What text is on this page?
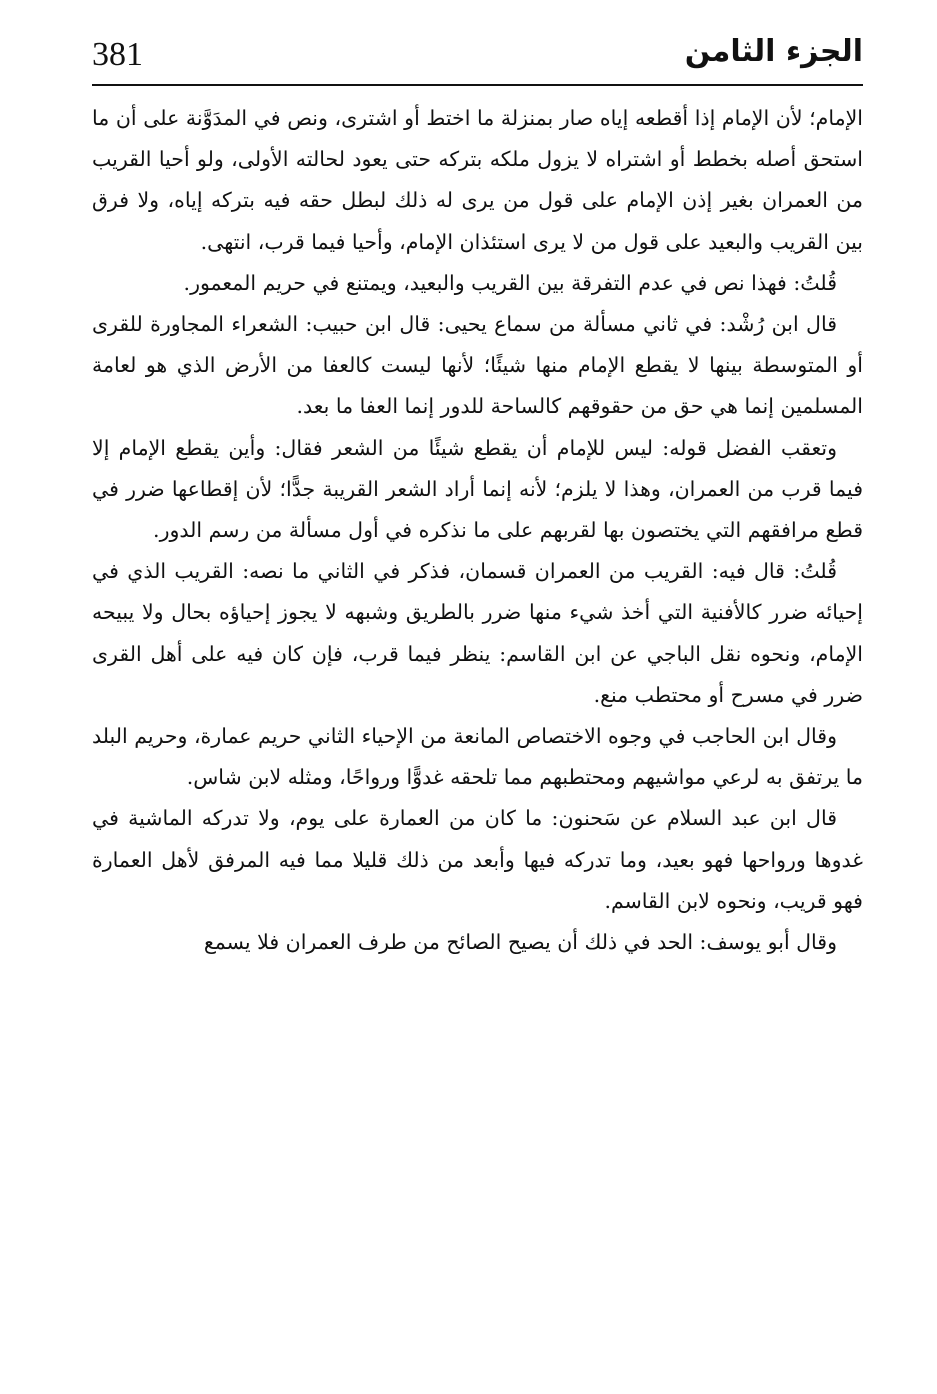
381	الجزء الثامن

الإمام؛ لأن الإمام إذا أقطعه إياه صار بمنزلة ما اختط أو اشترى، ونص في المدَوَّنة على أن ما استحق أصله بخطط أو اشتراه لا يزول ملكه بتركه حتى يعود لحالته الأولى، ولو أحيا القريب من العمران بغير إذن الإمام على قول من يرى له ذلك لبطل حقه فيه بتركه إياه، ولا فرق بين القريب والبعيد على قول من لا يرى استئذان الإمام، وأحيا فيما قرب، انتهى.

قُلتُ: فهذا نص في عدم التفرقة بين القريب والبعيد، ويمتنع في حريم المعمور.

قال ابن رُشْد: في ثاني مسألة من سماع يحيى: قال ابن حبيب: الشعراء المجاورة للقرى أو المتوسطة بينها لا يقطع الإمام منها شيئًا؛ لأنها ليست كالعفا من الأرض الذي هو لعامة المسلمين إنما هي حق من حقوقهم كالساحة للدور إنما العفا ما بعد.

وتعقب الفضل قوله: ليس للإمام أن يقطع شيئًا من الشعر فقال: وأين يقطع الإمام إلا فيما قرب من العمران، وهذا لا يلزم؛ لأنه إنما أراد الشعر القريبة جدًّا؛ لأن إقطاعها ضرر في قطع مرافقهم التي يختصون بها لقربهم على ما نذكره في أول مسألة من رسم الدور.

قُلتُ: قال فيه: القريب من العمران قسمان، فذكر في الثاني ما نصه: القريب الذي في إحيائه ضرر كالأفنية التي أخذ شيء منها ضرر بالطريق وشبهه لا يجوز إحياؤه بحال ولا يبيحه الإمام، ونحوه نقل الباجي عن ابن القاسم: ينظر فيما قرب، فإن كان فيه على أهل القرى ضرر في مسرح أو محتطب منع.

وقال ابن الحاجب في وجوه الاختصاص المانعة من الإحياء الثاني حريم عمارة، وحريم البلد ما يرتفق به لرعي مواشيهم ومحتطبهم مما تلحقه غدوًّا ورواحًا، ومثله لابن شاس.

قال ابن عبد السلام عن سَحنون: ما كان من العمارة على يوم، ولا تدركه الماشية في غدوها ورواحها فهو بعيد، وما تدركه فيها وأبعد من ذلك قليلا مما فيه المرفق لأهل العمارة فهو قريب، ونحوه لابن القاسم.

وقال أبو يوسف: الحد في ذلك أن يصيح الصائح من طرف العمران فلا يسمع
